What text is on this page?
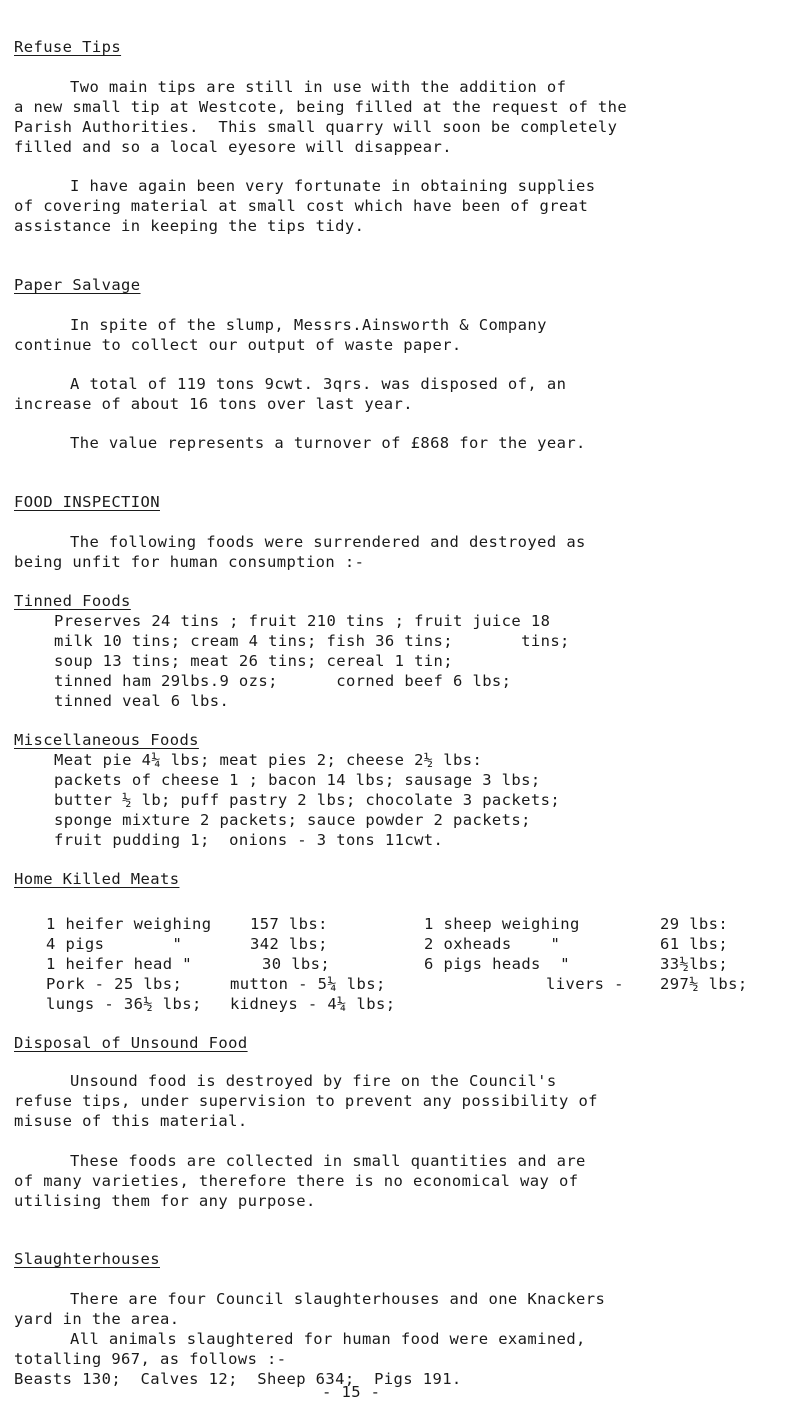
Refuse Tips
Two main tips are still in use with the addition of
a new small tip at Westcote, being filled at the request of the
Parish Authorities.  This small quarry will soon be completely
filled and so a local eyesore will disappear.
I have again been very fortunate in obtaining supplies
of covering material at small cost which have been of great
assistance in keeping the tips tidy.
Paper Salvage
In spite of the slump, Messrs.Ainsworth & Company
continue to collect our output of waste paper.
A total of 119 tons 9cwt. 3qrs. was disposed of, an
increase of about 16 tons over last year.
The value represents a turnover of £868 for the year.
FOOD INSPECTION
The following foods were surrendered and destroyed as
being unfit for human consumption :-
Tinned Foods
Preserves 24 tins ; fruit 210 tins ; fruit juice 18
milk 10 tins; cream 4 tins; fish 36 tins;       tins;
soup 13 tins; meat 26 tins; cereal 1 tin;
tinned ham 29lbs.9 ozs;      corned beef 6 lbs;
tinned veal 6 lbs.
Miscellaneous Foods
Meat pie 4¼ lbs; meat pies 2; cheese 2½ lbs:
packets of cheese 1 ; bacon 14 lbs; sausage 3 lbs;
butter ½ lb; puff pastry 2 lbs; chocolate 3 packets;
sponge mixture 2 packets; sauce powder 2 packets;
fruit pudding 1;  onions - 3 tons 11cwt.
Home Killed Meats
1 heifer weighing 157 lbs:	1 sheep weighing	29 lbs:
4 pigs       "	342 lbs;	2 oxheads    "	61 lbs;
1 heifer head "	30 lbs;	6 pigs heads  "	33½lbs;
Pork - 25 lbs;	mutton - 5¼ lbs;	livers - 297½ lbs;
lungs - 36½ lbs; kidneys - 4¼ lbs;
Disposal of Unsound Food
Unsound food is destroyed by fire on the Council's
refuse tips, under supervision to prevent any possibility of
misuse of this material.
These foods are collected in small quantities and are
of many varieties, therefore there is no economical way of
utilising them for any purpose.
Slaughterhouses
There are four Council slaughterhouses and one Knackers
yard in the area.
All animals slaughtered for human food were examined,
totalling 967, as follows :-
Beasts 130;  Calves 12;  Sheep 634;  Pigs 191.
- 15 -
